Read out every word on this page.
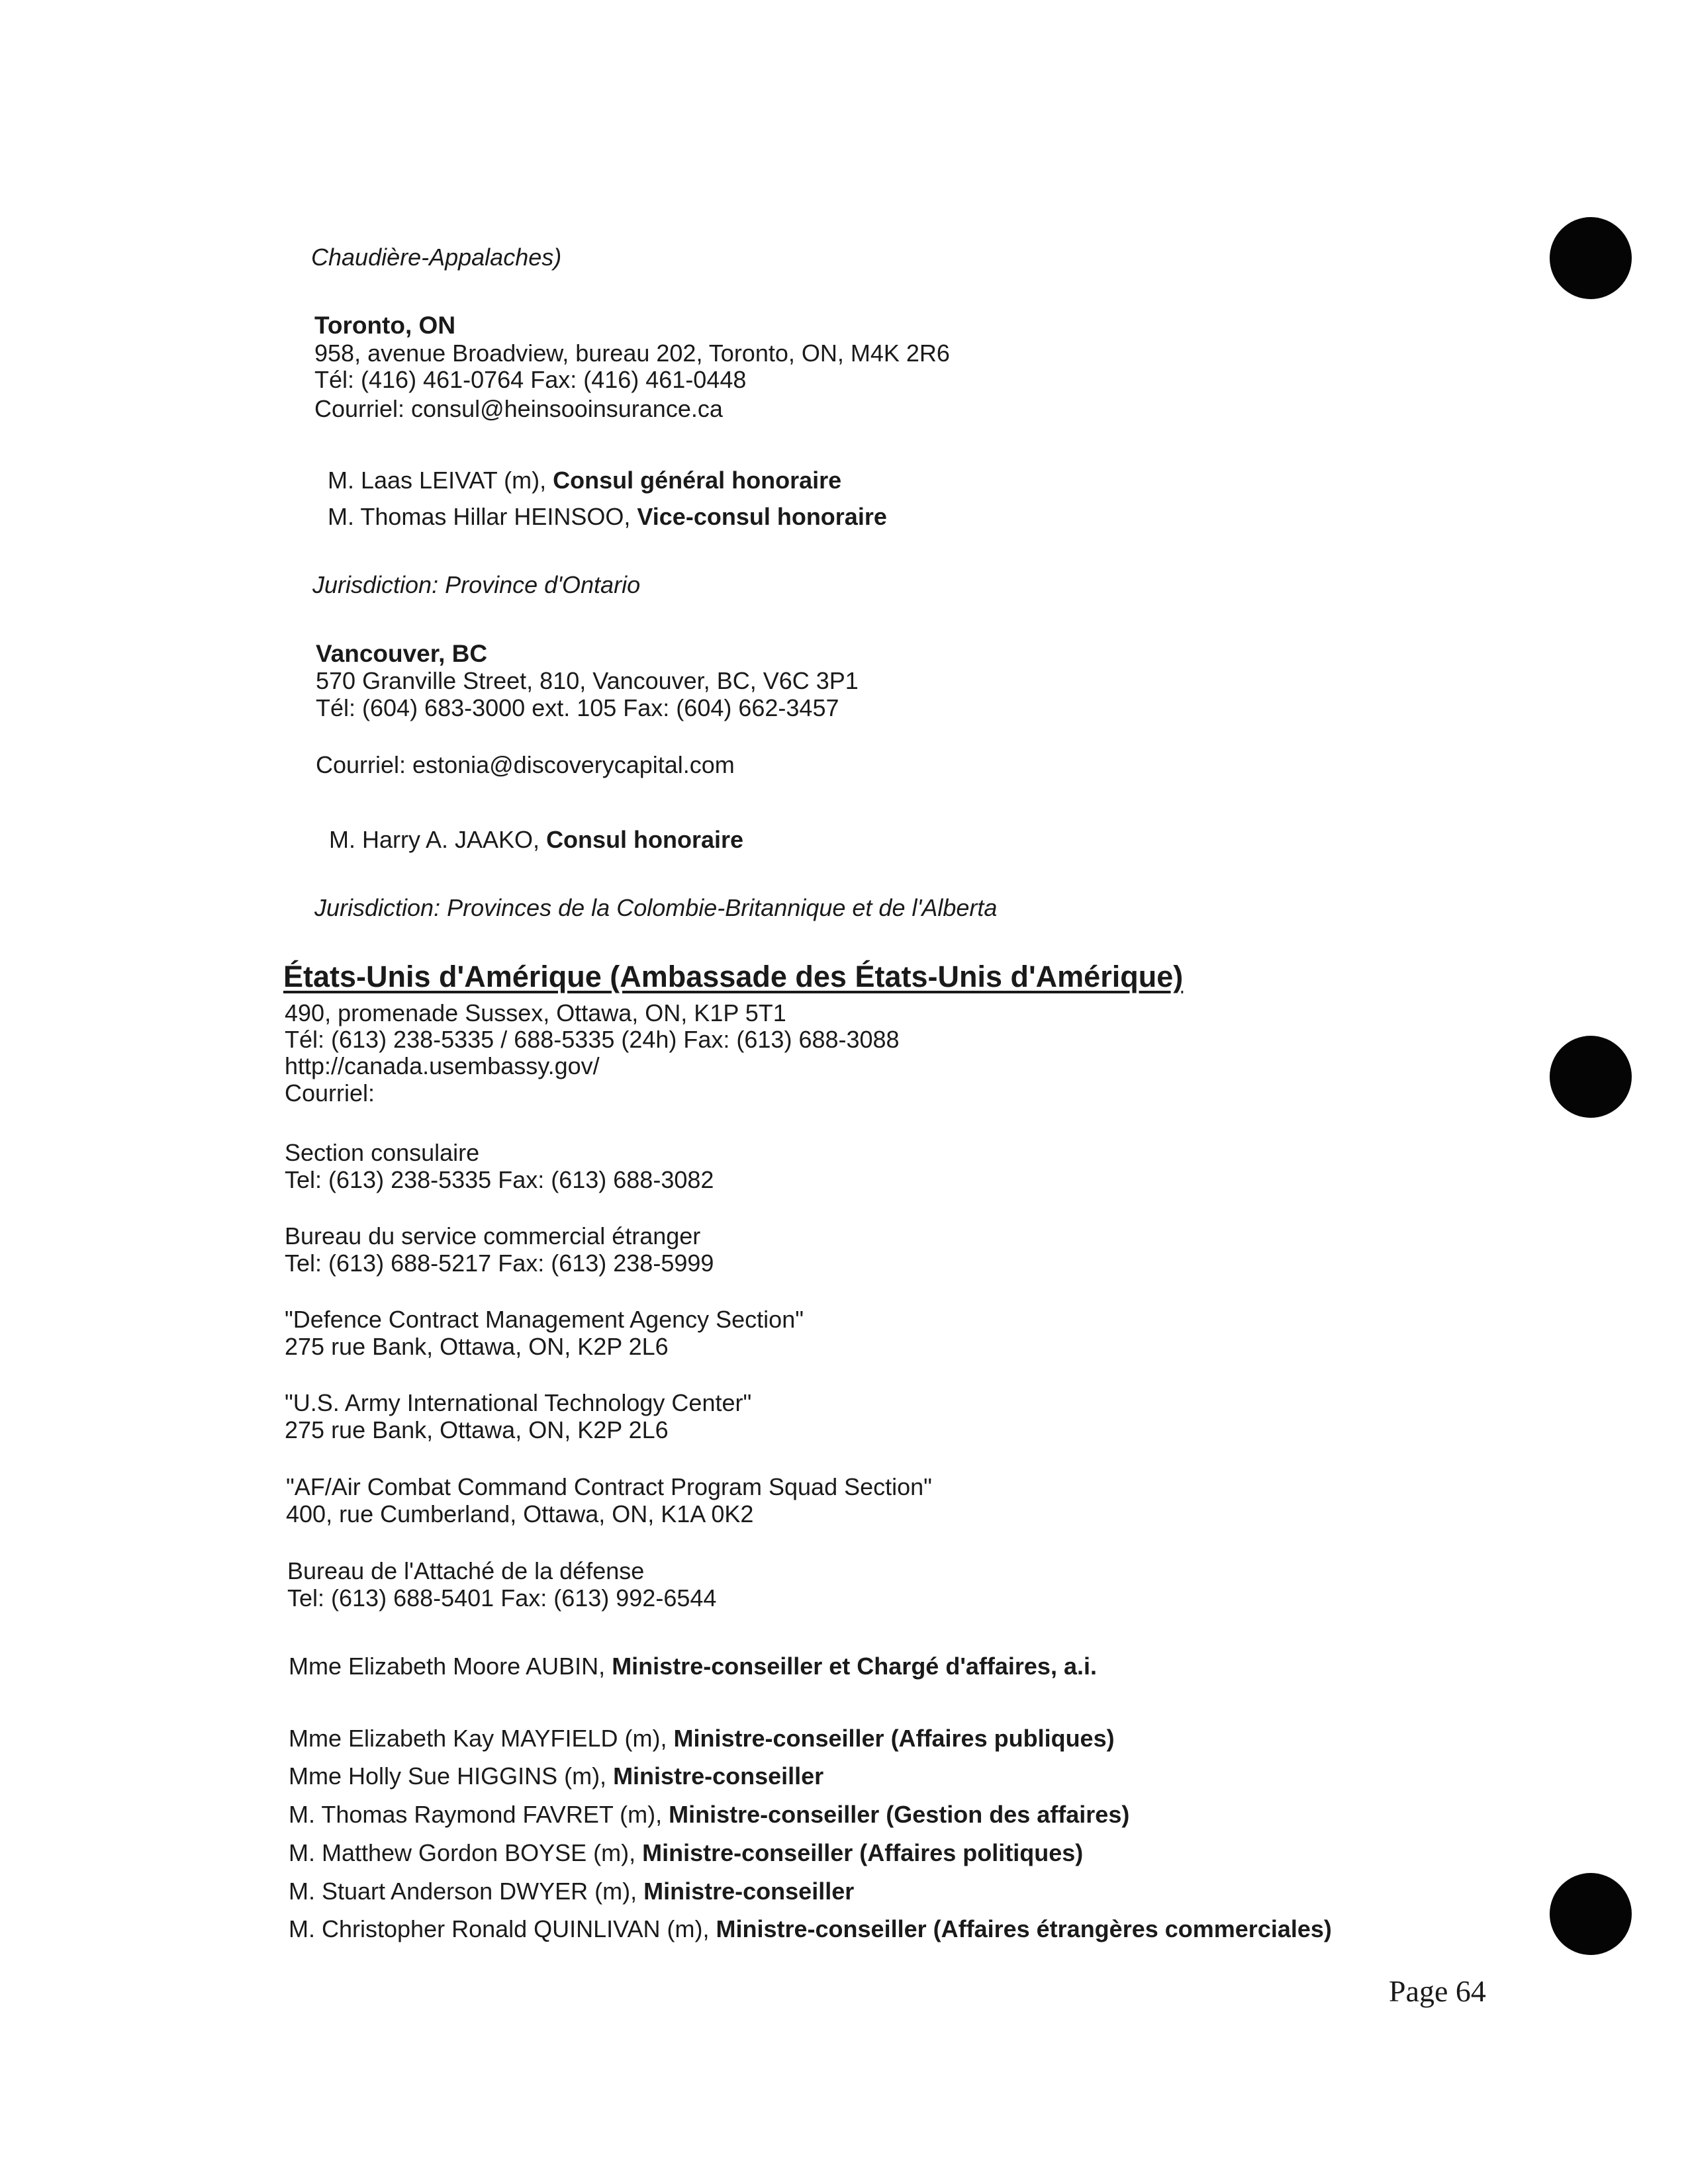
Chaudière-Appalaches)
Toronto, ON
958, avenue Broadview, bureau 202, Toronto, ON, M4K 2R6
Tél: (416) 461-0764 Fax: (416) 461-0448
Courriel: consul@heinsooinsurance.ca
M. Laas LEIVAT (m), Consul général honoraire
M. Thomas Hillar HEINSOO, Vice-consul honoraire
Jurisdiction: Province d'Ontario
Vancouver, BC
570 Granville Street, 810, Vancouver, BC, V6C 3P1
Tél: (604) 683-3000 ext. 105 Fax: (604) 662-3457
Courriel: estonia@discoverycapital.com
M. Harry A. JAAKO, Consul honoraire
Jurisdiction: Provinces de la Colombie-Britannique et de l'Alberta
États-Unis d'Amérique (Ambassade des États-Unis d'Amérique)
490, promenade Sussex, Ottawa, ON, K1P 5T1
Tél: (613) 238-5335 / 688-5335 (24h) Fax: (613) 688-3088
http://canada.usembassy.gov/
Courriel:
Section consulaire
Tel: (613) 238-5335 Fax: (613) 688-3082
Bureau du service commercial étranger
Tel: (613) 688-5217 Fax: (613) 238-5999
"Defence Contract Management Agency Section"
275 rue Bank, Ottawa, ON, K2P 2L6
"U.S. Army International Technology Center"
275 rue Bank, Ottawa, ON, K2P 2L6
"AF/Air Combat Command Contract Program Squad Section"
400, rue Cumberland, Ottawa, ON, K1A 0K2
Bureau de l'Attaché de la défense
Tel: (613) 688-5401 Fax: (613) 992-6544
Mme Elizabeth Moore AUBIN, Ministre-conseiller et Chargé d'affaires, a.i.
Mme Elizabeth Kay MAYFIELD (m), Ministre-conseiller (Affaires publiques)
Mme Holly Sue HIGGINS (m), Ministre-conseiller
M. Thomas Raymond FAVRET (m), Ministre-conseiller (Gestion des affaires)
M. Matthew Gordon BOYSE (m), Ministre-conseiller (Affaires politiques)
M. Stuart Anderson DWYER (m), Ministre-conseiller
M. Christopher Ronald QUINLIVAN (m), Ministre-conseiller (Affaires étrangères commerciales)
Page 64
